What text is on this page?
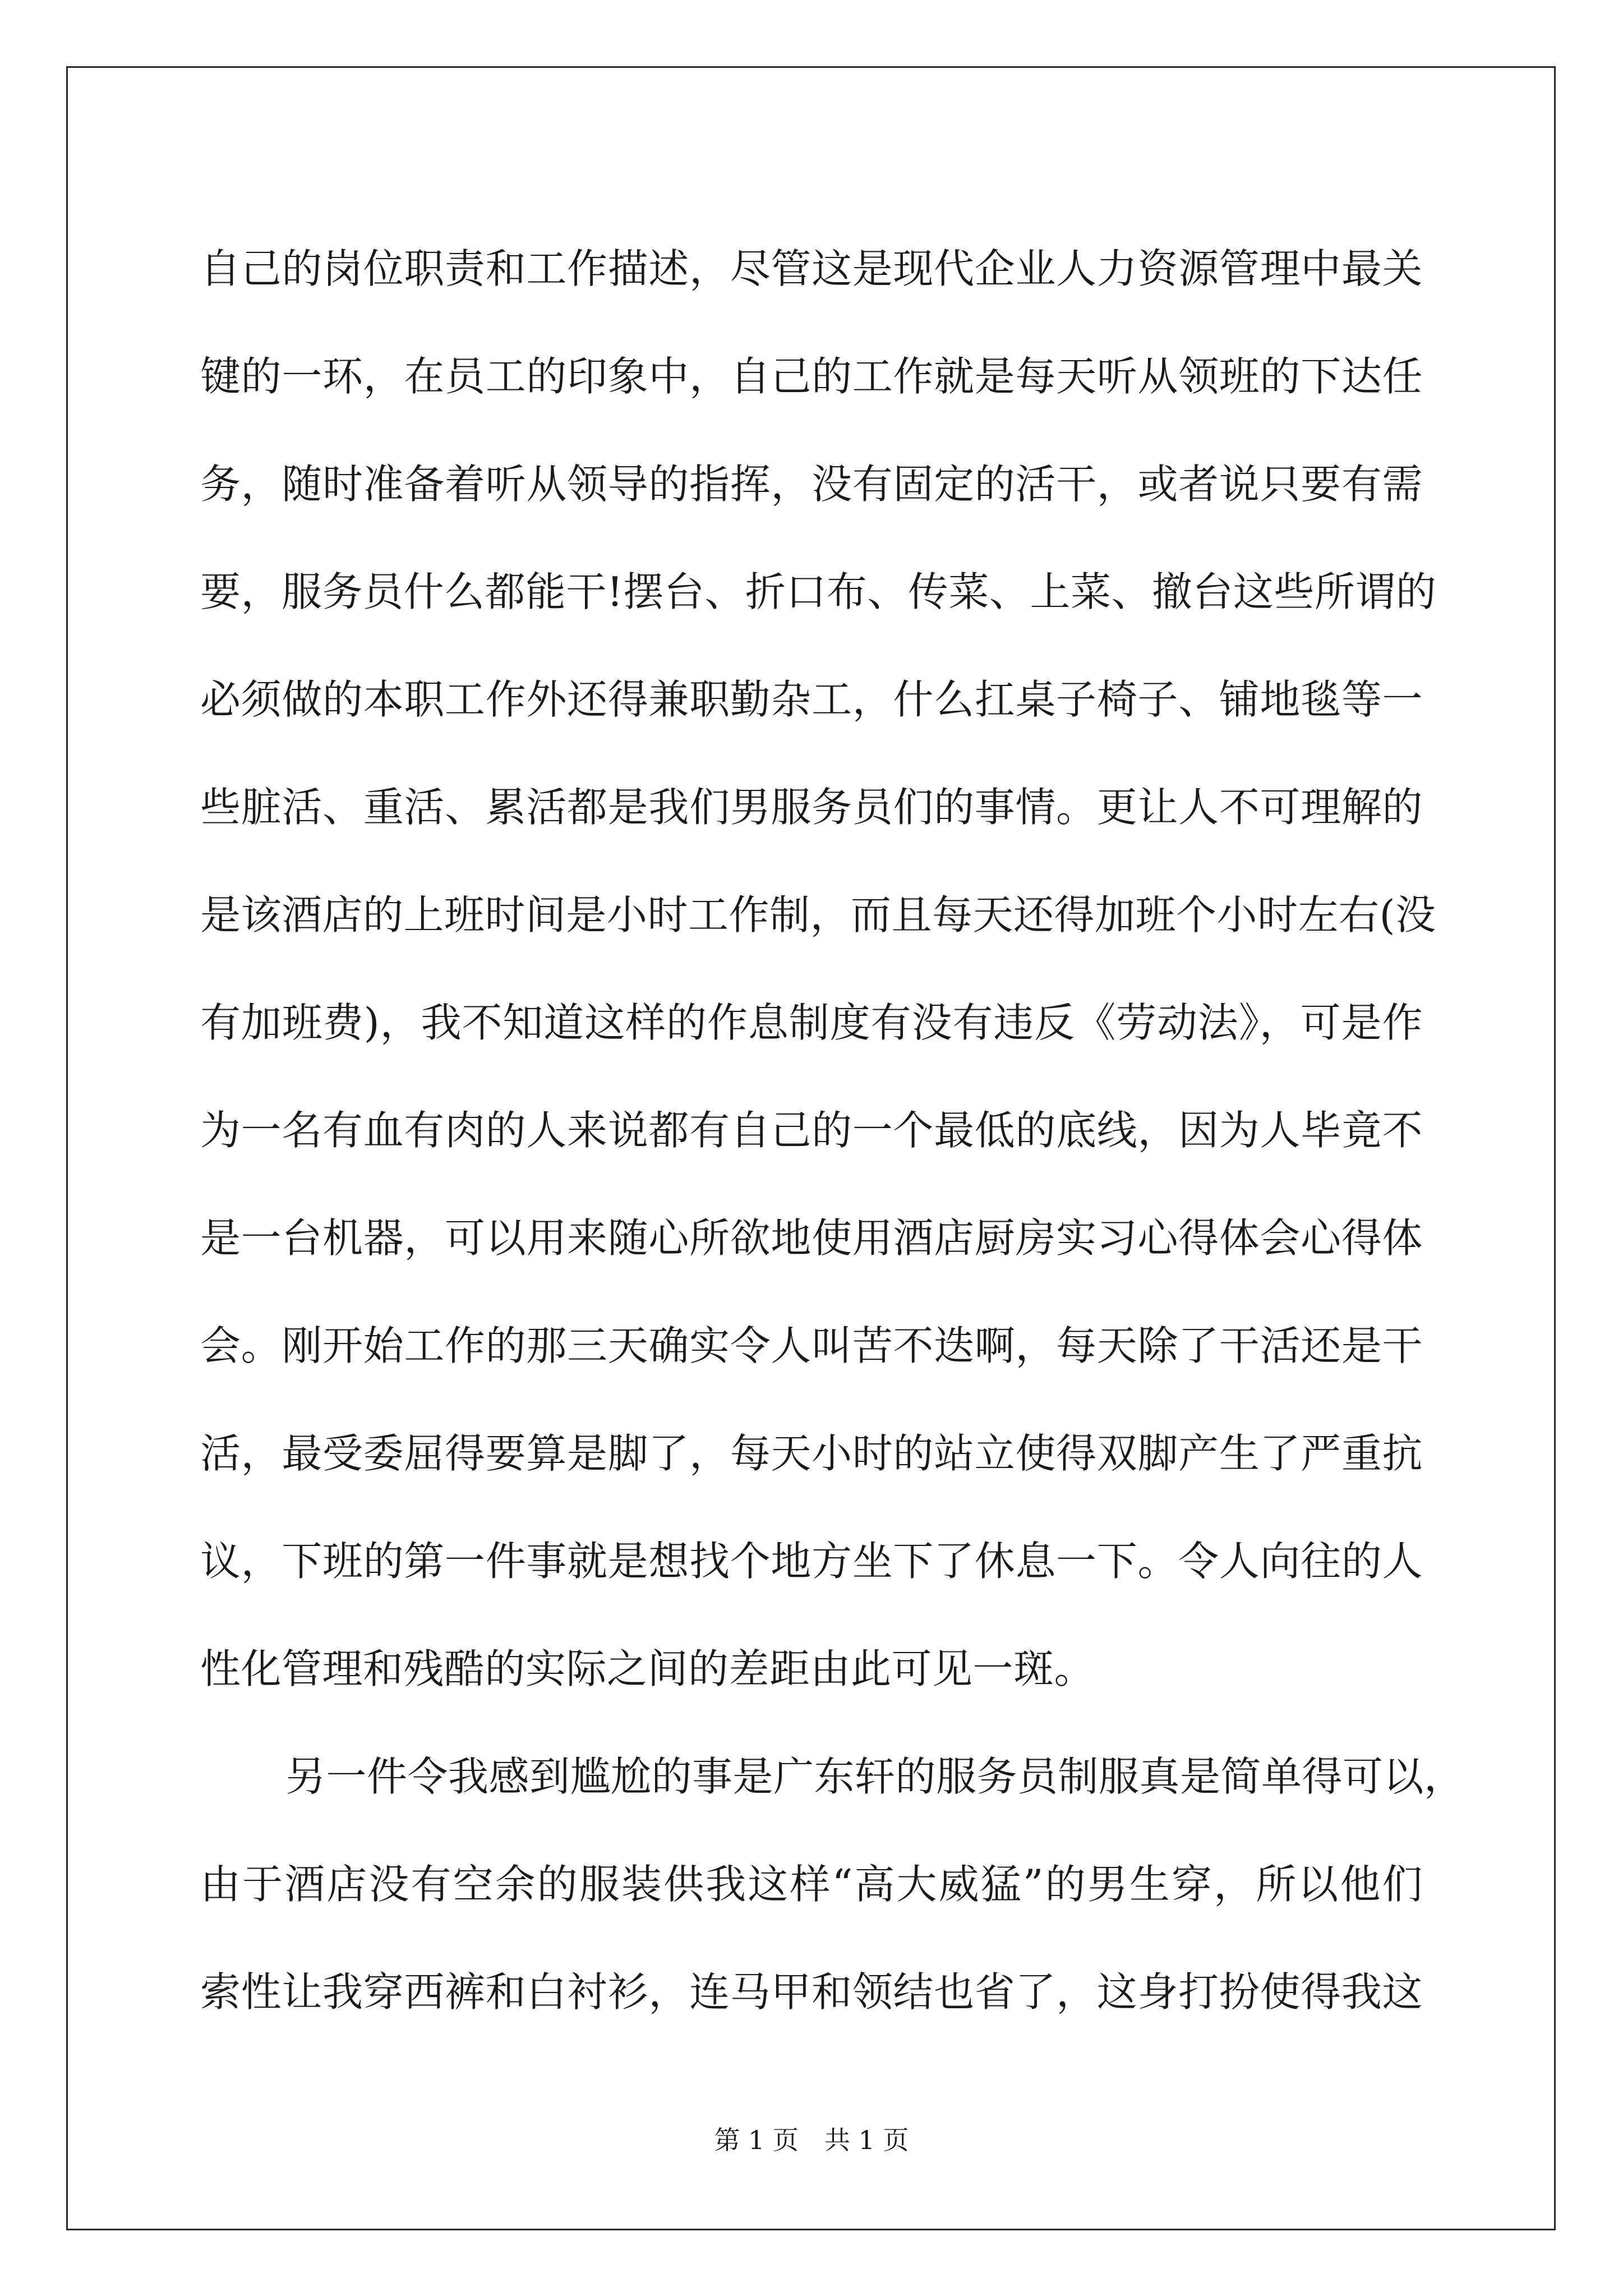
自己的岗位职责和工作描述，尽管这是现代企业人力资源管理中最关
键的一环，在员工的印象中，自己的工作就是每天听从领班的下达任
务，随时准备着听从领导的指挥，没有固定的活干，或者说只要有需
要，服务员什么都能干!摆台、折口布、传菜、上菜、撤台这些所谓的
必须做的本职工作外还得兼职勤杂工，什么扛桌子椅子、铺地毯等一
些脏活、重活、累活都是我们男服务员们的事情。更让人不可理解的
是该酒店的上班时间是小时工作制，而且每天还得加班个小时左右(没
有加班费)，我不知道这样的作息制度有没有违反《劳动法》，可是作
为一名有血有肉的人来说都有自己的一个最低的底线，因为人毕竟不
是一台机器，可以用来随心所欲地使用酒店厨房实习心得体会心得体
会。刚开始工作的那三天确实令人叫苦不迭啊，每天除了干活还是干
活，最受委屈得要算是脚了，每天小时的站立使得双脚产生了严重抗
议，下班的第一件事就是想找个地方坐下了休息一下。令人向往的人
性化管理和残酷的实际之间的差距由此可见一斑。
另一件令我感到尴尬的事是广东轩的服务员制服真是简单得可以，
由于酒店没有空余的服装供我这样“高大威猛”的男生穿，所以他们
索性让我穿西裤和白衬衫，连马甲和领结也省了，这身打扮使得我这
第 1 页　共 1 页
